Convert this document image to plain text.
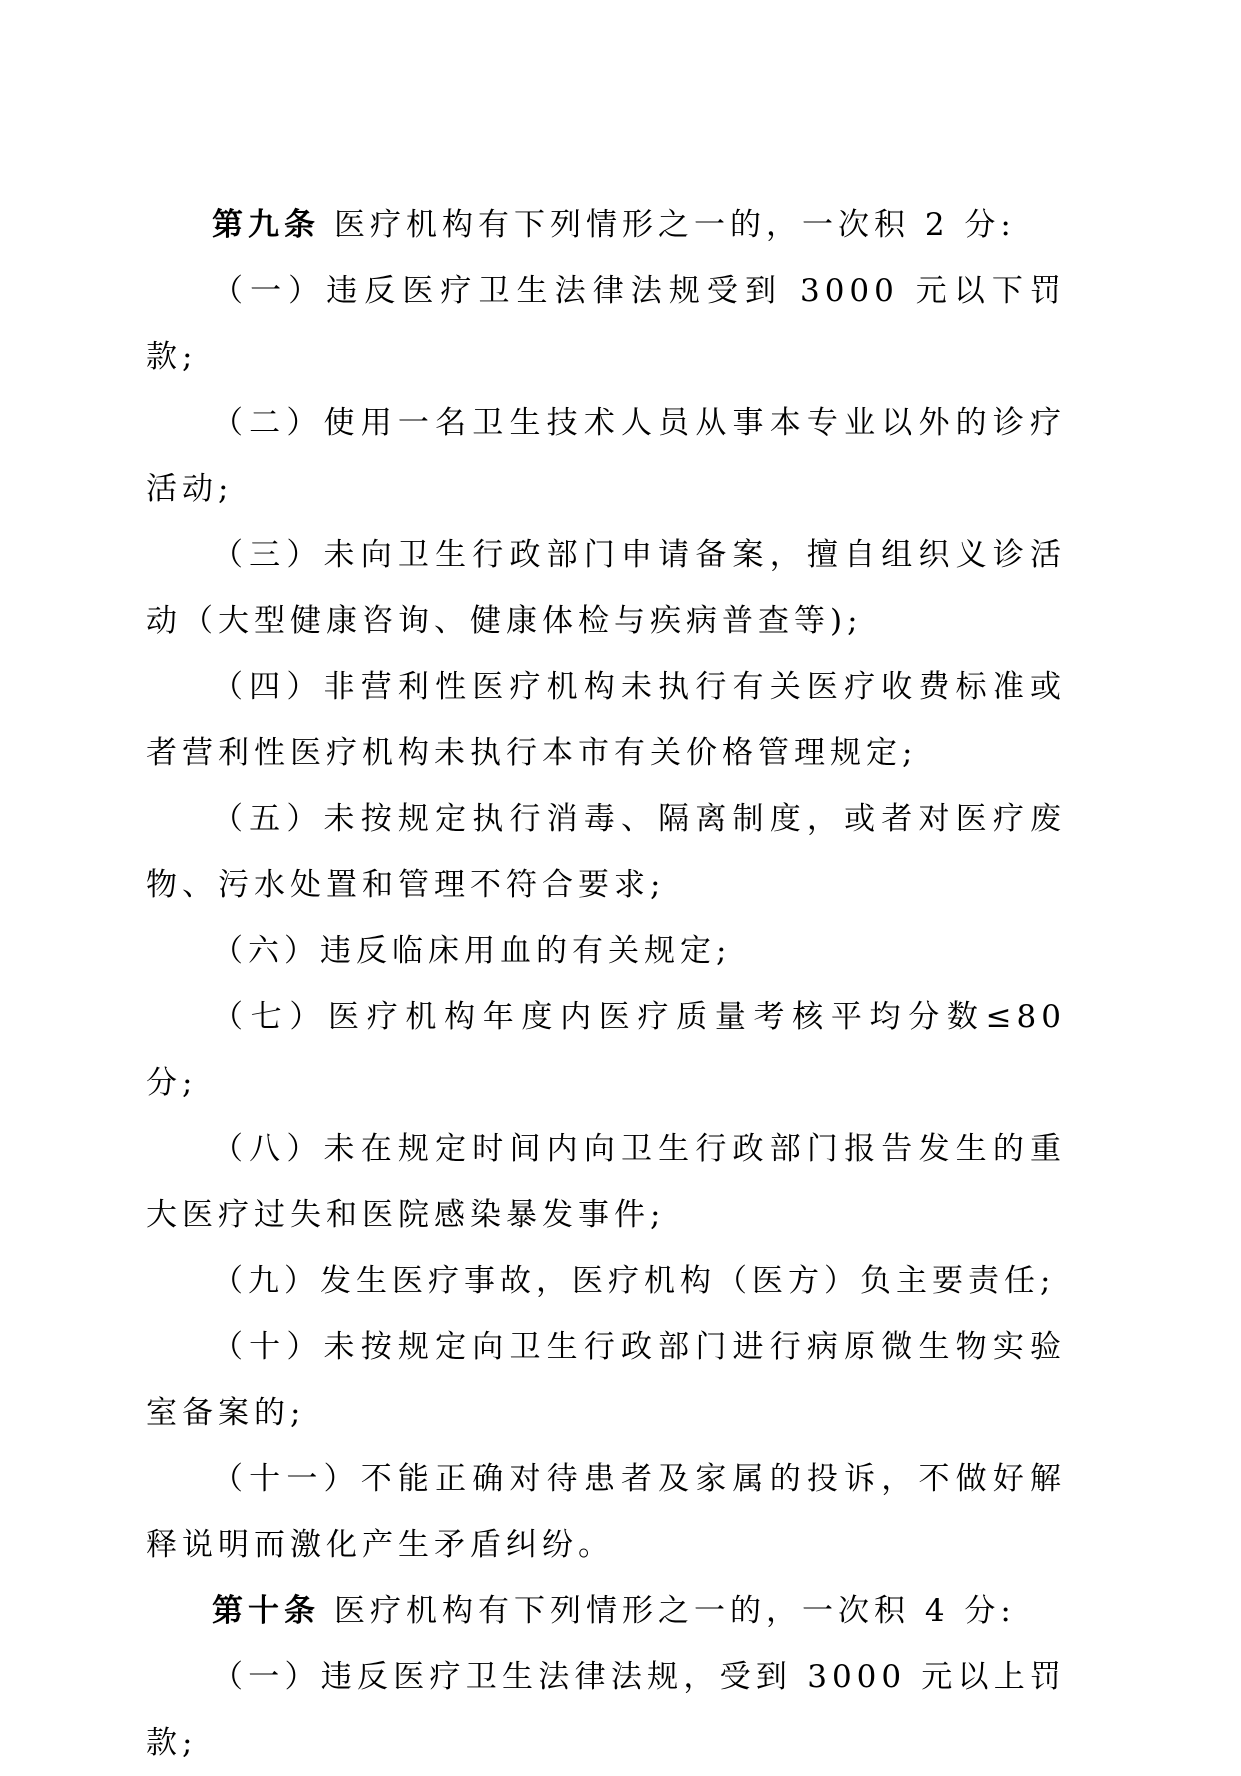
第九条 医疗机构有下列情形之一的，一次积 2 分:

（一）违反医疗卫生法律法规受到 3000 元以下罚款;

（二）使用一名卫生技术人员从事本专业以外的诊疗活动;

（三）未向卫生行政部门申请备案，擅自组织义诊活动（大型健康咨询、健康体检与疾病普查等);

（四）非营利性医疗机构未执行有关医疗收费标准或者营利性医疗机构未执行本市有关价格管理规定;

（五）未按规定执行消毒、隔离制度，或者对医疗废物、污水处置和管理不符合要求;

（六）违反临床用血的有关规定;

（七）医疗机构年度内医疗质量考核平均分数≤80 分;

（八）未在规定时间内向卫生行政部门报告发生的重大医疗过失和医院感染暴发事件;

（九）发生医疗事故，医疗机构（医方）负主要责任;

（十）未按规定向卫生行政部门进行病原微生物实验室备案的;

（十一）不能正确对待患者及家属的投诉，不做好解释说明而激化产生矛盾纠纷。

第十条 医疗机构有下列情形之一的，一次积 4 分:

（一）违反医疗卫生法律法规，受到 3000 元以上罚款;
